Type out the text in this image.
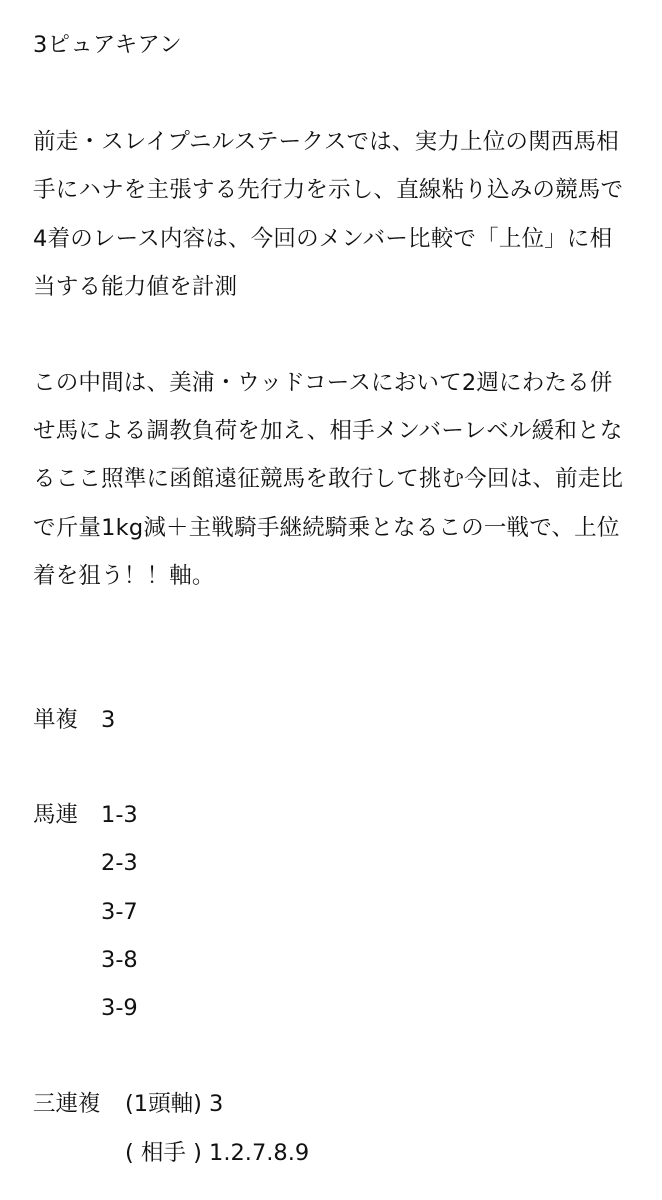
3ピュアキアン
前走・スレイプニルステークスでは、実力上位の関西馬相
手にハナを主張する先行力を示し、直線粘り込みの競馬で
4着のレース内容は、今回のメンバー比較で「上位」に相
当する能力値を計測
この中間は、美浦・ウッドコースにおいて2週にわたる併
せ馬による調教負荷を加え、相手メンバーレベル緩和とな
るここ照準に函館遠征競馬を敢行して挑む今回は、前走比
で斤量1kg減＋主戦騎手継続騎乗となるこの一戦で、上位
着を狙う！！軸。
単複 3
馬連 1-3
2-3
3-7
3-8
3-9
三連複 (1頭軸) 3
( 相手 ) 1.2.7.8.9
